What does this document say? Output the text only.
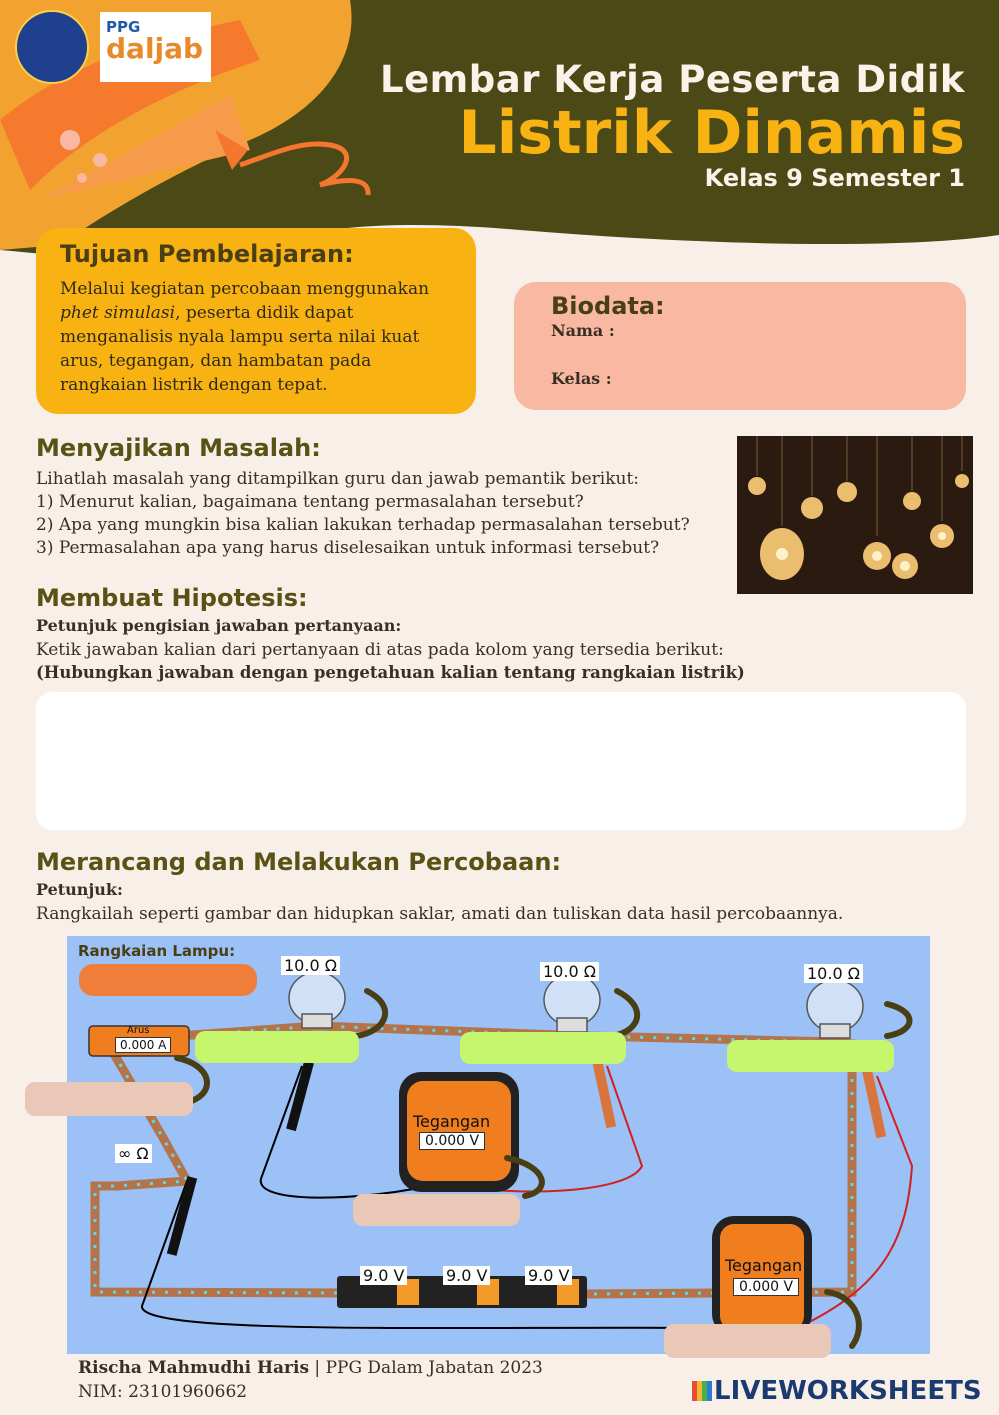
PPG
daljab
Lembar Kerja Peserta Didik
Listrik Dinamis
Kelas 9 Semester 1
Tujuan Pembelajaran:
Melalui kegiatan percobaan menggunakan
phet simulasi, peserta didik dapat
menganalisis nyala lampu serta nilai kuat
arus, tegangan, dan hambatan pada
rangkaian listrik dengan tepat.
Biodata:
Nama :
Kelas :
Menyajikan Masalah:
Lihatlah masalah yang ditampilkan guru dan jawab pemantik berikut:
1) Menurut kalian, bagaimana tentang permasalahan tersebut?
2) Apa yang mungkin bisa kalian lakukan terhadap permasalahan tersebut?
3) Permasalahan apa yang harus diselesaikan untuk informasi tersebut?
Membuat Hipotesis:
Petunjuk pengisian jawaban pertanyaan:
Ketik jawaban kalian dari pertanyaan di atas pada kolom yang tersedia berikut:
(Hubungkan jawaban dengan pengetahuan kalian tentang rangkaian listrik)
Merancang dan Melakukan Percobaan:
Petunjuk:
Rangkailah seperti gambar dan hidupkan saklar, amati dan tuliskan data hasil percobaannya.
10.0 Ω	10.0 Ω	10.0 Ω
Arus
0.000 A
∞ Ω
Tegangan
0.000 V
Tegangan
0.000 V
9.0 V	9.0 V	9.0 V
Rangkaian Lampu:
Rischa Mahmudhi Haris | PPG Dalam Jabatan 2023
NIM: 23101960662	LIVEWORKSHEETS
